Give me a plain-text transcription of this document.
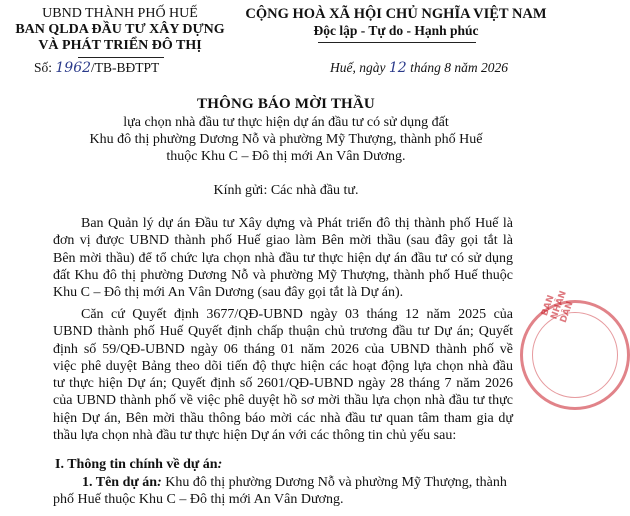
UBND THÀNH PHỐ HUẾ
BAN QLDA ĐẦU TƯ XÂY DỰNG
VÀ PHÁT TRIỂN ĐÔ THỊ
CỘNG HOÀ XÃ HỘI CHỦ NGHĨA VIỆT NAM
Độc lập - Tự do - Hạnh phúc
Số: 1962/TB-BĐTPT	Huế, ngày 12 tháng 8 năm 2026
THÔNG BÁO MỜI THẦU
lựa chọn nhà đầu tư thực hiện dự án đầu tư có sử dụng đất
Khu đô thị phường Dương Nỗ và phường Mỹ Thượng, thành phố Huế
thuộc Khu C – Đô thị mới An Vân Dương.
Kính gửi: Các nhà đầu tư.
Ban Quản lý dự án Đầu tư Xây dựng và Phát triển đô thị thành phố Huế là
đơn vị được UBND thành phố Huế giao làm Bên mời thầu (sau đây gọi tắt là
Bên mời thầu) để tổ chức lựa chọn nhà đầu tư thực hiện dự án đầu tư có sử dụng
đất Khu đô thị phường Dương Nỗ và phường Mỹ Thượng, thành phố Huế thuộc
Khu C – Đô thị mới An Vân Dương (sau đây gọi tắt là Dự án).
Căn cứ Quyết định 3677/QĐ-UBND ngày 03 tháng 12 năm 2025 của
UBND thành phố Huế Quyết định chấp thuận chủ trương đầu tư Dự án; Quyết
định số 59/QĐ-UBND ngày 06 tháng 01 năm 2026 của UBND thành phố về
việc phê duyệt Bảng theo dõi tiến độ thực hiện các hoạt động lựa chọn nhà đầu
tư thực hiện Dự án; Quyết định số 2601/QĐ-UBND ngày 28 tháng 7 năm 2026
của UBND thành phố về việc phê duyệt hồ sơ mời thầu lựa chọn nhà đầu tư thực
hiện Dự án, Bên mời thầu thông báo mời các nhà đầu tư quan tâm tham gia dự
thầu lựa chọn nhà đầu tư thực hiện Dự án với các thông tin chủ yếu sau:
I. Thông tin chính về dự án:
1. Tên dự án: Khu đô thị phường Dương Nỗ và phường Mỹ Thượng, thành
phố Huế thuộc Khu C – Đô thị mới An Vân Dương.
BAN NHÂN DÂN
